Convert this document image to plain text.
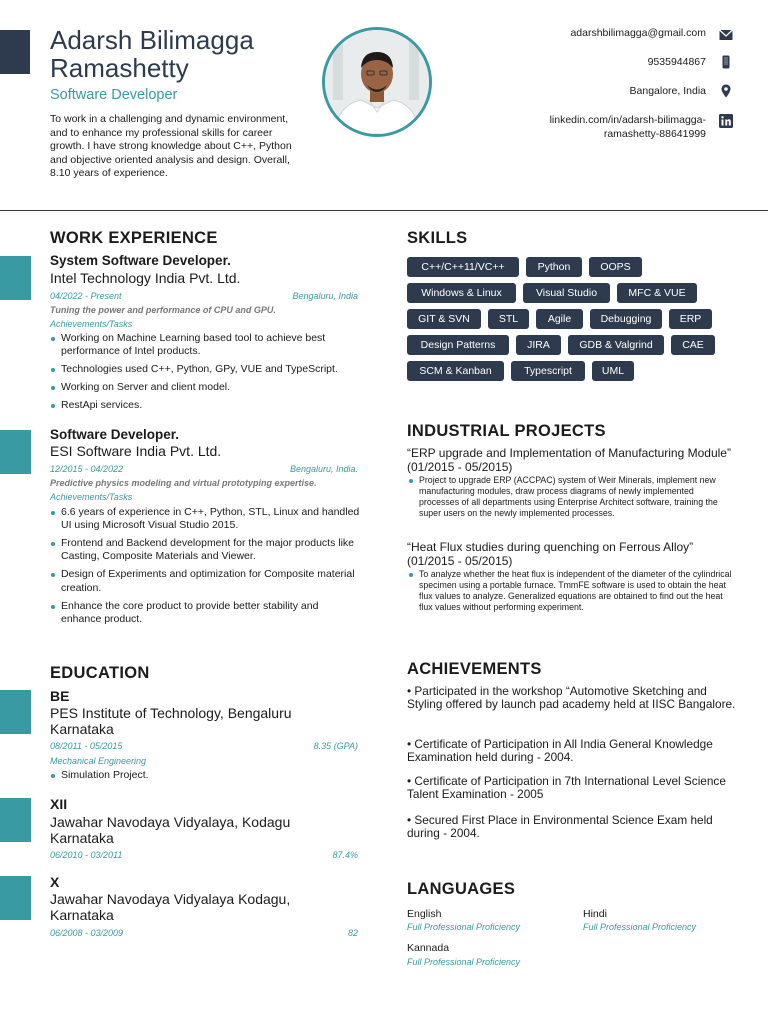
Adarsh Bilimagga Ramashetty
Software Developer
To work in a challenging and dynamic environment, and to enhance my professional skills for career growth. I have strong knowledge about C++, Python and objective oriented analysis and design. Overall, 8.10 years of experience.
adarshbilimagga@gmail.com
9535944867
Bangalore, India
linkedin.com/in/adarsh-bilimagga-
ramashetty-88641999
WORK EXPERIENCE
System Software Developer.
Intel Technology India Pvt. Ltd.
04/2022 - Present	Bengaluru, India
Tuning the power and performance of CPU and GPU.
Achievements/Tasks
Working on Machine Learning based tool to achieve best performance of Intel products.
Technologies used C++, Python, GPy, VUE and TypeScript.
Working on Server and client model.
RestApi services.
Software Developer.
ESI Software India Pvt. Ltd.
12/2015 - 04/2022	Bengaluru, India.
Predictive physics modeling and virtual prototyping expertise.
Achievements/Tasks
6.6 years of experience in C++, Python, STL, Linux and handled UI using Microsoft Visual Studio 2015.
Frontend and Backend development for the major products like Casting, Composite Materials and Viewer.
Design of Experiments and optimization for Composite material creation.
Enhance the core product to provide better stability and enhance product.
EDUCATION
BE
PES Institute of Technology, Bengaluru Karnataka
08/2011 - 05/2015	8.35 (GPA)
Mechanical Engineering
Simulation Project.
XII
Jawahar Navodaya Vidyalaya, Kodagu Karnataka
06/2010 - 03/2011	87.4%
X
Jawahar Navodaya Vidyalaya Kodagu, Karnataka
06/2008 - 03/2009	82
SKILLS
C++/C++11/VC++	Python	OOPS
Windows & Linux	Visual Studio	MFC & VUE
GIT & SVN	STL	Agile	Debugging	ERP
Design Patterns	JIRA	GDB & Valgrind	CAE
SCM & Kanban	Typescript	UML
INDUSTRIAL PROJECTS
“ERP upgrade and Implementation of Manufacturing Module” (01/2015 - 05/2015)
Project to upgrade ERP (ACCPAC) system of Weir Minerals, implement new manufacturing modules, draw process diagrams of newly implemented processes of all departments using Enterprise Architect software, training the super users on the newly implemented processes.
“Heat Flux studies during quenching on Ferrous Alloy” (01/2015 - 05/2015)
To analyze whether the heat flux is independent of the diameter of the cylindrical specimen using a portable furnace. TmmFE software is used to obtain the heat flux values to analyze. Generalized equations are obtained to find out the heat flux values without performing experiment.
ACHIEVEMENTS
• Participated in the workshop “Automotive Sketching and Styling offered by launch pad academy held at IISC Bangalore.
• Certificate of Participation in All India General Knowledge Examination held during - 2004.
• Certificate of Participation in 7th International Level Science Talent Examination - 2005
• Secured First Place in Environmental Science Exam held during - 2004.
LANGUAGES
English
Full Professional Proficiency
Hindi
Full Professional Proficiency
Kannada
Full Professional Proficiency
